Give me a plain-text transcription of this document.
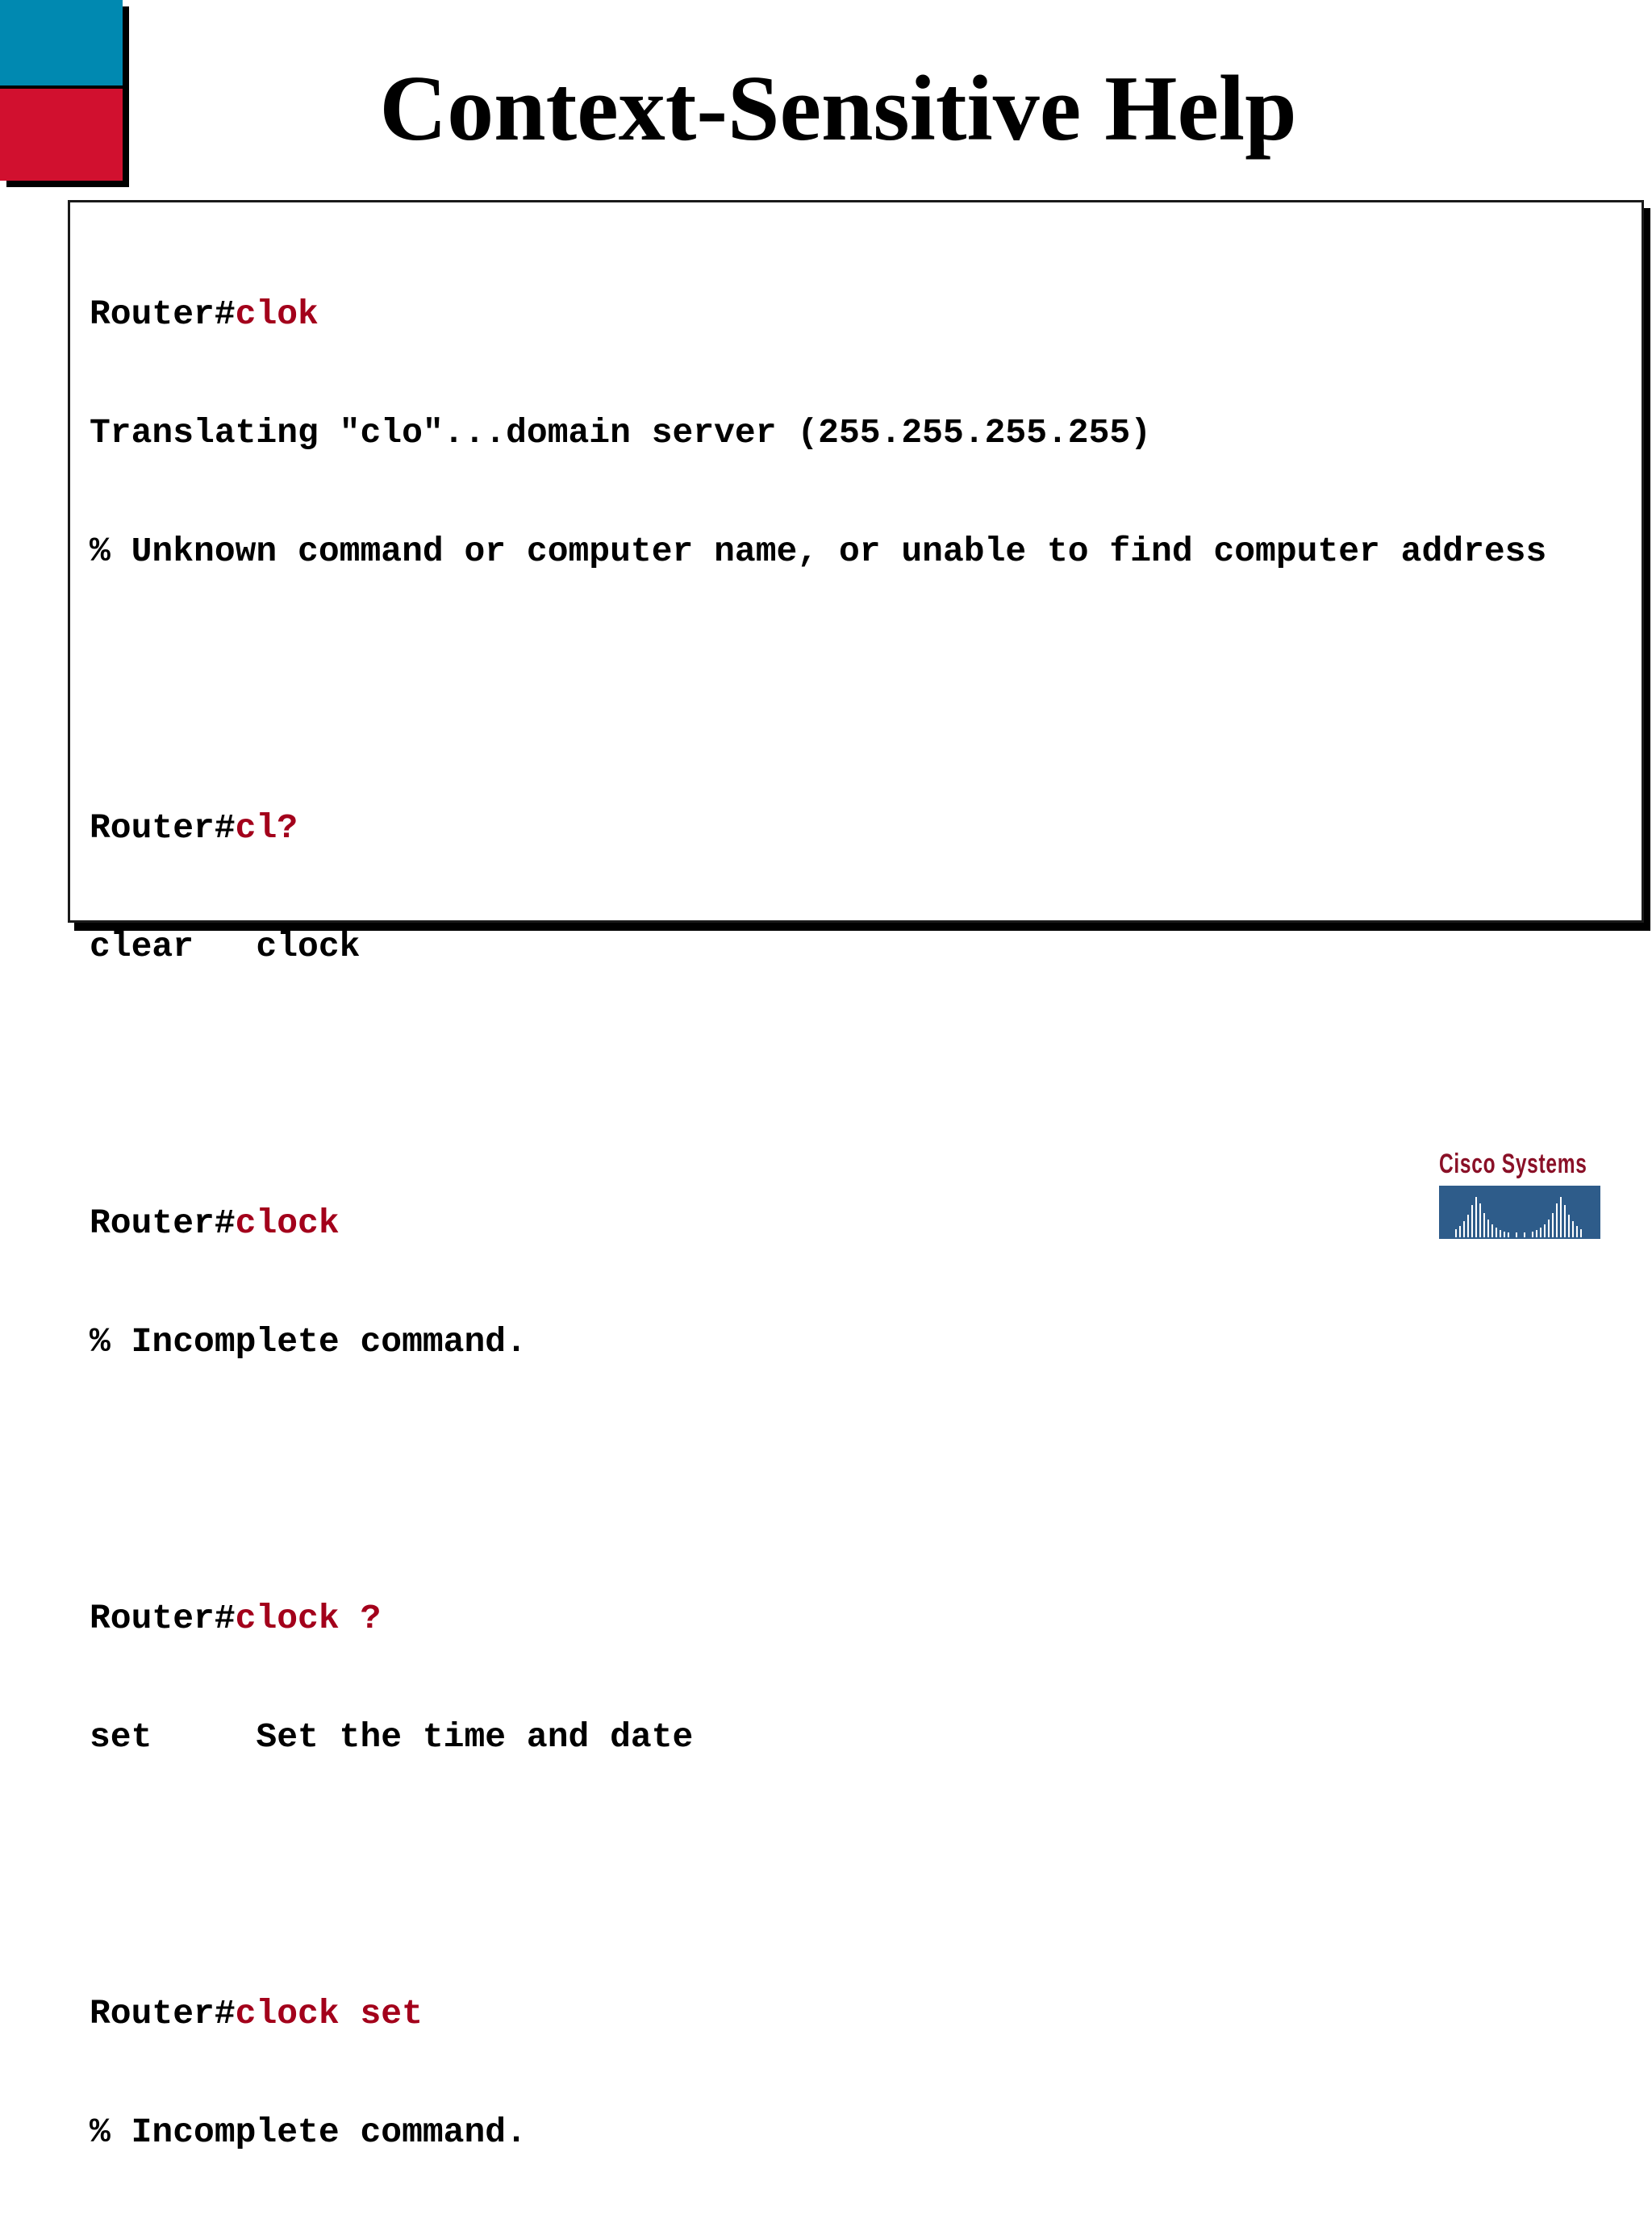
Context-Sensitive Help

Router#clok

Translating "clo"...domain server (255.255.255.255)

% Unknown command or computer name, or unable to find computer address

Router#cl?

clear   clock

Router#clock

% Incomplete command.

Router#clock ?

set     Set the time and date

Router#clock set

% Incomplete command.

Cisco Systems
